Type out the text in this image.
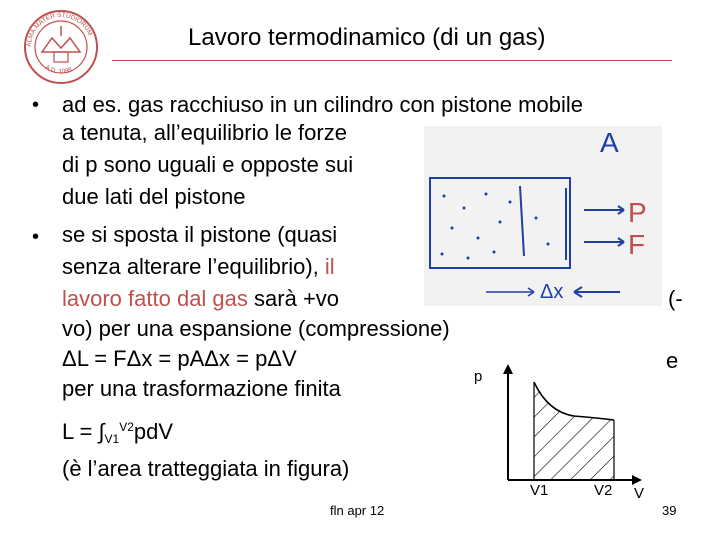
ALMA MATER STUDIORUM
A.D. 1088
Lavoro termodinamico (di un gas)
• ad es. gas racchiuso in un cilindro con pistone mobile
a tenuta, all’equilibrio le forze
di p sono uguali e opposte sui
due lati del pistone
• se si sposta il pistone (quasi
senza alterare l’equilibrio), il
lavoro fatto dal gas sarà +vo	(-
vo) per una espansione (compressione)
ΔL = FΔx = pAΔx = pΔV	e
per una trasformazione finita
$L = \int_{V1}^{V2}pdV$
(è l’area tratteggiata in figura)
A
P
F
Δx
p
V
V1	V2
fln apr 12	39
